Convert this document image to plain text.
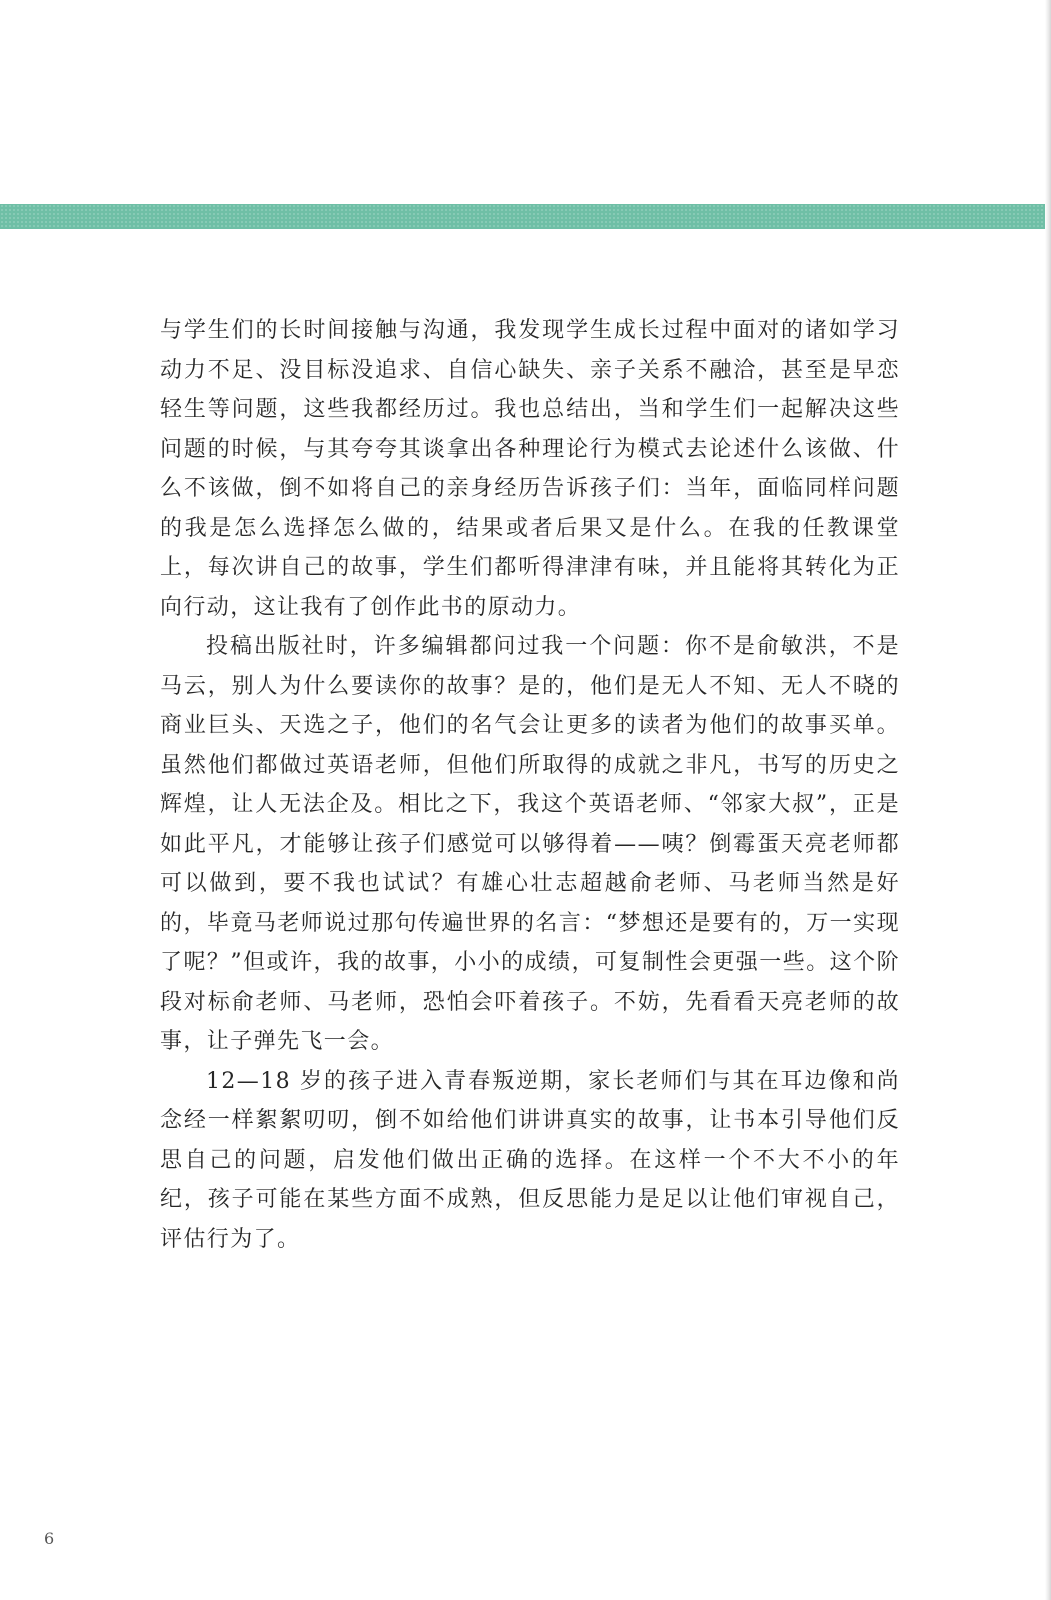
与学生们的长时间接触与沟通，我发现学生成长过程中面对的诸如学习动力不足、没目标没追求、自信心缺失、亲子关系不融洽，甚至是早恋轻生等问题，这些我都经历过。我也总结出，当和学生们一起解决这些问题的时候，与其夸夸其谈拿出各种理论行为模式去论述什么该做、什么不该做，倒不如将自己的亲身经历告诉孩子们：当年，面临同样问题的我是怎么选择怎么做的，结果或者后果又是什么。在我的任教课堂上，每次讲自己的故事，学生们都听得津津有味，并且能将其转化为正向行动，这让我有了创作此书的原动力。

投稿出版社时，许多编辑都问过我一个问题：你不是俞敏洪，不是马云，别人为什么要读你的故事？是的，他们是无人不知、无人不晓的商业巨头、天选之子，他们的名气会让更多的读者为他们的故事买单。虽然他们都做过英语老师，但他们所取得的成就之非凡，书写的历史之辉煌，让人无法企及。相比之下，我这个英语老师、“邻家大叔”，正是如此平凡，才能够让孩子们感觉可以够得着——咦？倒霉蛋天亮老师都可以做到，要不我也试试？有雄心壮志超越俞老师、马老师当然是好的，毕竟马老师说过那句传遍世界的名言：“梦想还是要有的，万一实现了呢？”但或许，我的故事，小小的成绩，可复制性会更强一些。这个阶段对标俞老师、马老师，恐怕会吓着孩子。不妨，先看看天亮老师的故事，让子弹先飞一会。

12—18 岁的孩子进入青春叛逆期，家长老师们与其在耳边像和尚念经一样絮絮叨叨，倒不如给他们讲讲真实的故事，让书本引导他们反思自己的问题，启发他们做出正确的选择。在这样一个不大不小的年纪，孩子可能在某些方面不成熟，但反思能力是足以让他们审视自己，评估行为了。

6
